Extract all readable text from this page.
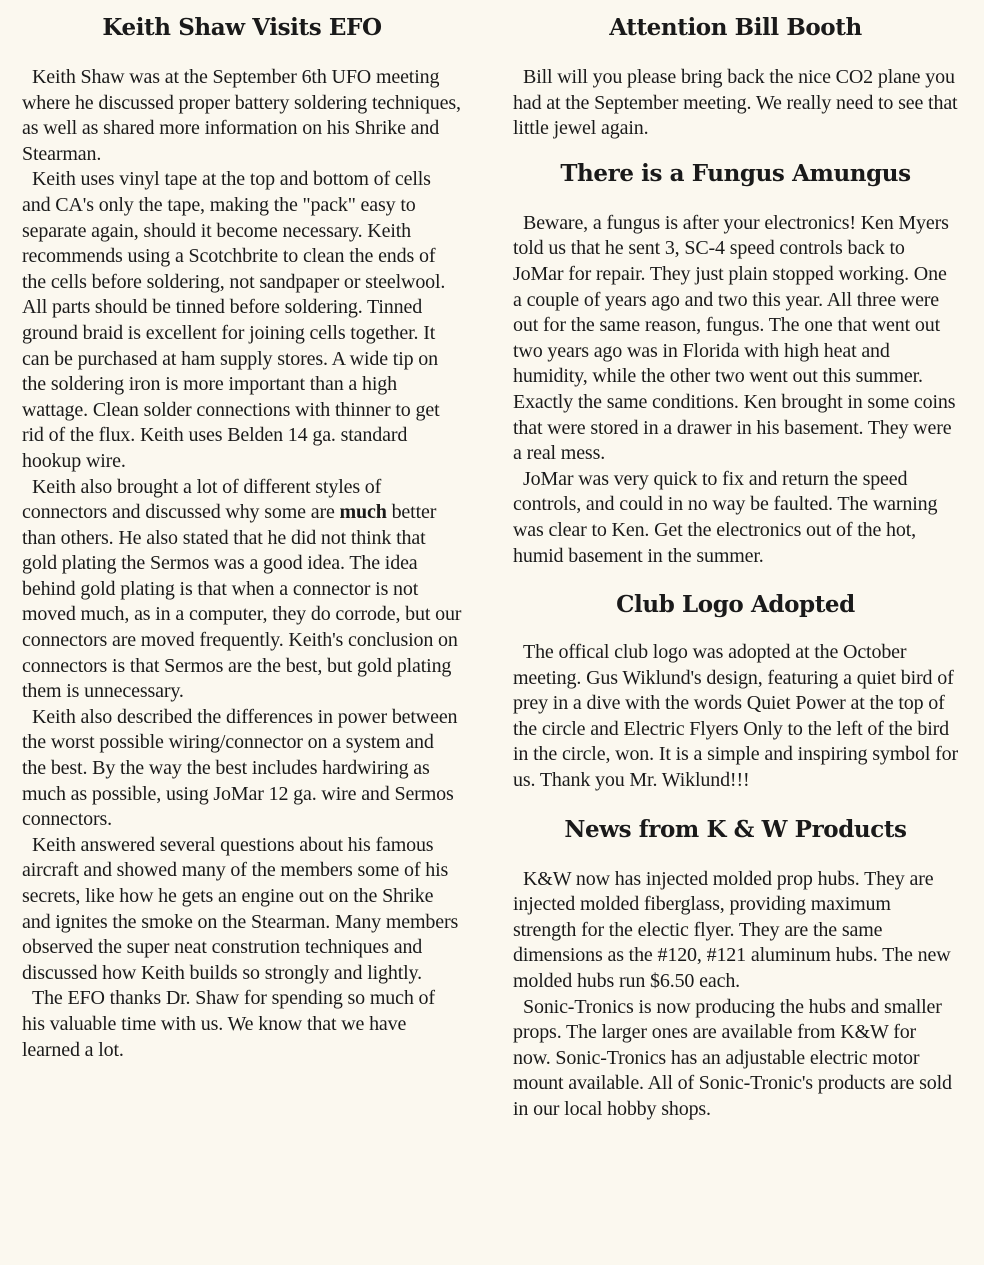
Keith Shaw Visits EFO

Keith Shaw was at the September 6th UFO meeting where he discussed proper battery soldering techniques, as well as shared more information on his Shrike and Stearman.

Keith uses vinyl tape at the top and bottom of cells and CA's only the tape, making the "pack" easy to separate again, should it become necessary. Keith recommends using a Scotchbrite to clean the ends of the cells before soldering, not sandpaper or steelwool. All parts should be tinned before soldering. Tinned ground braid is excellent for joining cells together. It can be purchased at ham supply stores. A wide tip on the soldering iron is more important than a high wattage. Clean solder connections with thinner to get rid of the flux. Keith uses Belden 14 ga. standard hookup wire.

Keith also brought a lot of different styles of connectors and discussed why some are much better than others. He also stated that he did not think that gold plating the Sermos was a good idea. The idea behind gold plating is that when a connector is not moved much, as in a computer, they do corrode, but our connectors are moved frequently. Keith's conclusion on connectors is that Sermos are the best, but gold plating them is unnecessary.

Keith also described the differences in power between the worst possible wiring/connector on a system and the best. By the way the best includes hardwiring as much as possible, using JoMar 12 ga. wire and Sermos connectors.

Keith answered several questions about his famous aircraft and showed many of the members some of his secrets, like how he gets an engine out on the Shrike and ignites the smoke on the Stearman. Many members observed the super neat constrution techniques and discussed how Keith builds so strongly and lightly.

The EFO thanks Dr. Shaw for spending so much of his valuable time with us. We know that we have learned a lot.

Attention Bill Booth

Bill will you please bring back the nice CO2 plane you had at the September meeting. We really need to see that little jewel again.

There is a Fungus Amungus

Beware, a fungus is after your electronics! Ken Myers told us that he sent 3, SC-4 speed controls back to JoMar for repair. They just plain stopped working. One a couple of years ago and two this year. All three were out for the same reason, fungus. The one that went out two years ago was in Florida with high heat and humidity, while the other two went out this summer. Exactly the same conditions. Ken brought in some coins that were stored in a drawer in his basement. They were a real mess.

JoMar was very quick to fix and return the speed controls, and could in no way be faulted. The warning was clear to Ken. Get the electronics out of the hot, humid basement in the summer.

Club Logo Adopted

The offical club logo was adopted at the October meeting. Gus Wiklund's design, featuring a quiet bird of prey in a dive with the words Quiet Power at the top of the circle and Electric Flyers Only to the left of the bird in the circle, won. It is a simple and inspiring symbol for us. Thank you Mr. Wiklund!!!

News from K & W Products

K&W now has injected molded prop hubs. They are injected molded fiberglass, providing maximum strength for the electic flyer. They are the same dimensions as the #120, #121 aluminum hubs. The new molded hubs run $6.50 each.

Sonic-Tronics is now producing the hubs and smaller props. The larger ones are available from K&W for now. Sonic-Tronics has an adjustable electric motor mount available. All of Sonic-Tronic's products are sold in our local hobby shops.
